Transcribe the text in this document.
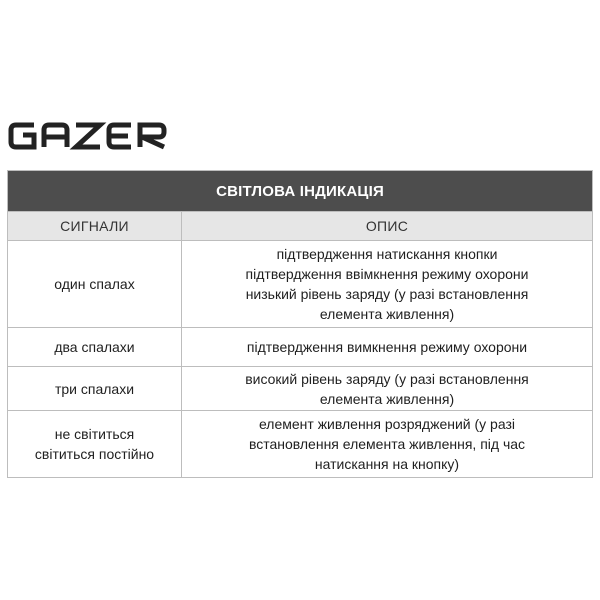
СВІТЛОВА ІНДИКАЦІЯ
СИГНАЛИ	ОПИС
один спалах
підтвердження натискання кнопки
підтвердження ввімкнення режиму охорони
низький рівень заряду (у разі встановлення
елемента живлення)
два спалахи	підтвердження вимкнення режиму охорони
три спалахи
високий рівень заряду (у разі встановлення
елемента живлення)
не світиться
світиться постійно
елемент живлення розряджений (у разі
встановлення елемента живлення, під час
натискання на кнопку)
